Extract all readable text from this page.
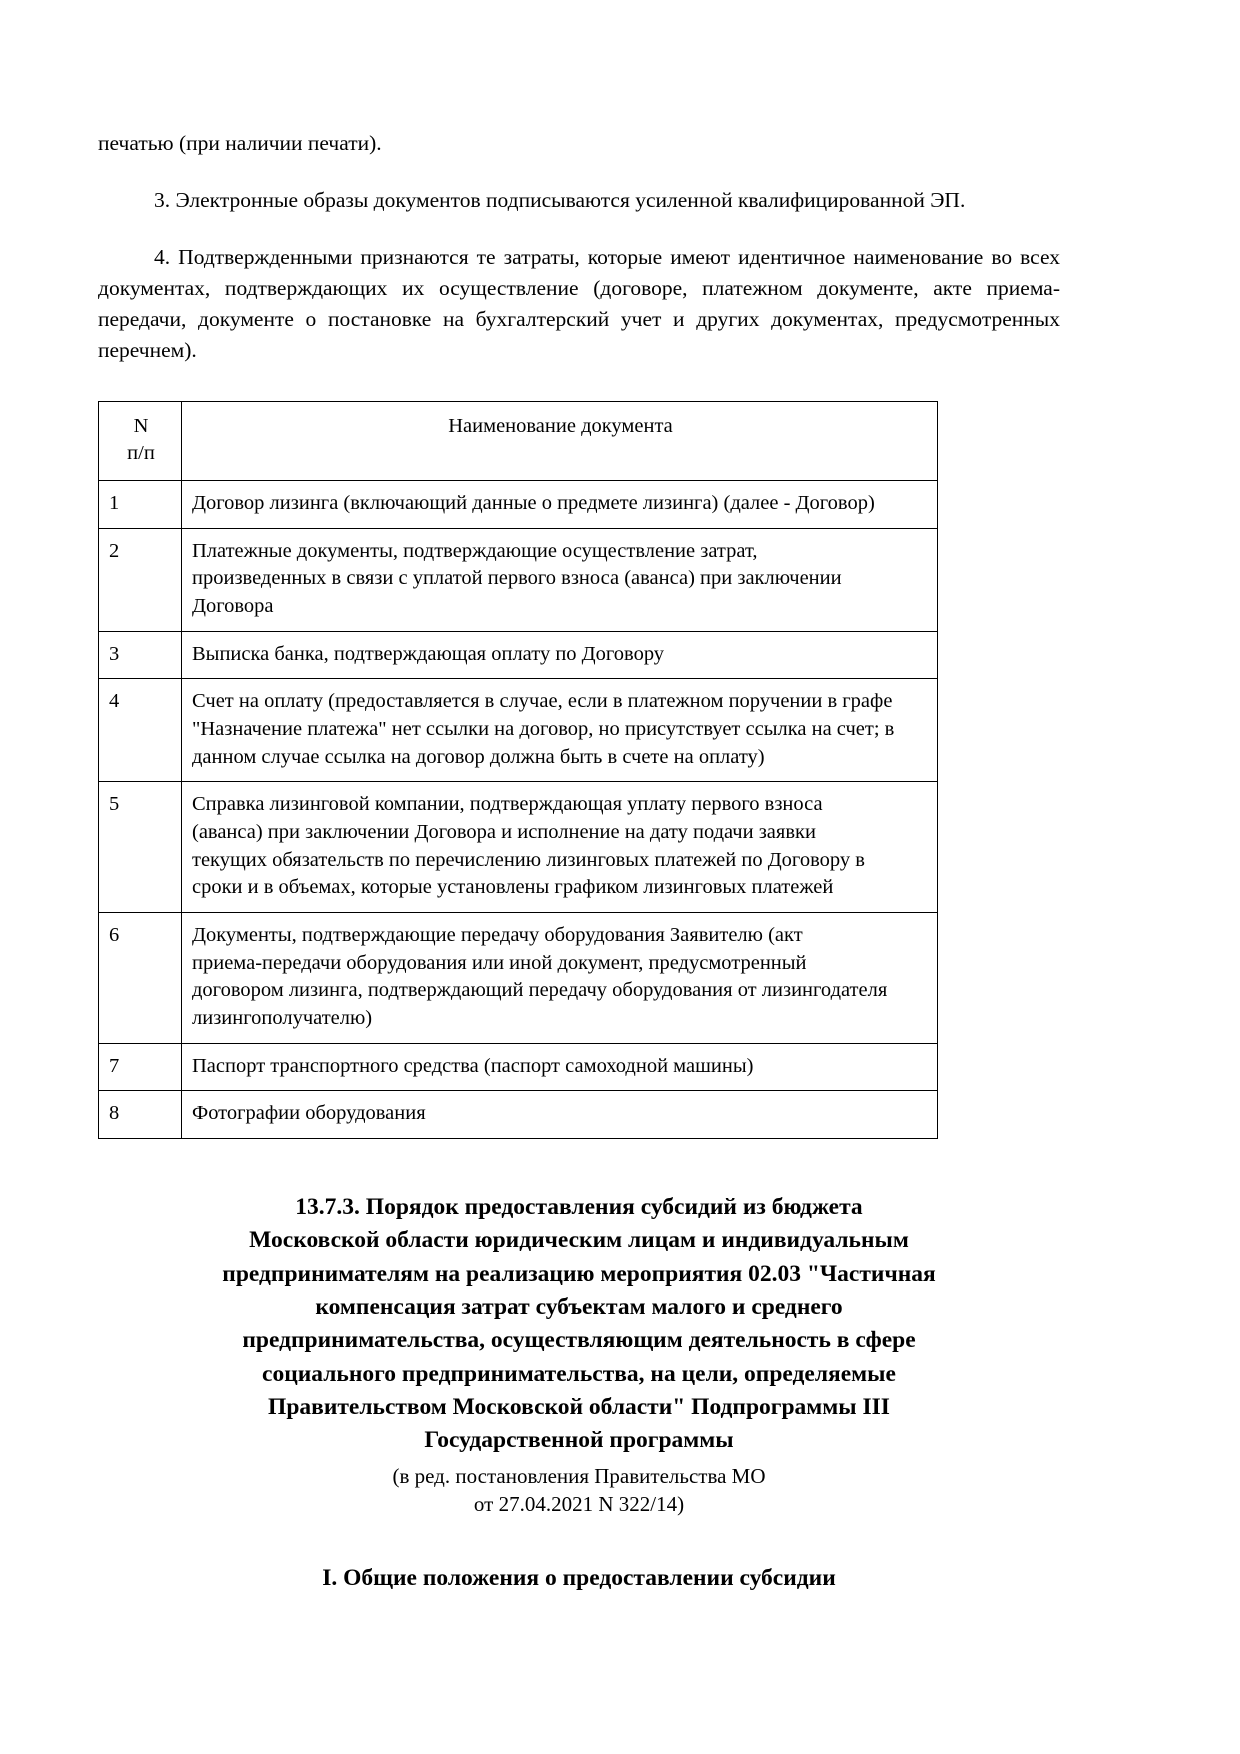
печатью (при наличии печати).

3. Электронные образы документов подписываются усиленной квалифицированной ЭП.

4. Подтвержденными признаются те затраты, которые имеют идентичное наименование во всех документах, подтверждающих их осуществление (договоре, платежном документе, акте приема-передачи, документе о постановке на бухгалтерский учет и других документах, предусмотренных перечнем).

N
п/п	Наименование документа
1	Договор лизинга (включающий данные о предмете лизинга) (далее - Договор)

2	Платежные документы, подтверждающие осуществление затрат,
произведенных в связи с уплатой первого взноса (аванса) при заключении
Договора

3	Выписка банка, подтверждающая оплату по Договору

4	Счет на оплату (предоставляется в случае, если в платежном поручении в графе
"Назначение платежа" нет ссылки на договор, но присутствует ссылка на счет; в
данном случае ссылка на договор должна быть в счете на оплату)

5	Справка лизинговой компании, подтверждающая уплату первого взноса
(аванса) при заключении Договора и исполнение на дату подачи заявки
текущих обязательств по перечислению лизинговых платежей по Договору в
сроки и в объемах, которые установлены графиком лизинговых платежей

6	Документы, подтверждающие передачу оборудования Заявителю (акт
приема-передачи оборудования или иной документ, предусмотренный
договором лизинга, подтверждающий передачу оборудования от лизингодателя
лизингополучателю)

7	Паспорт транспортного средства (паспорт самоходной машины)

8	Фотографии оборудования
13.7.3. Порядок предоставления субсидий из бюджета
Московской области юридическим лицам и индивидуальным
предпринимателям на реализацию мероприятия 02.03 "Частичная
компенсация затрат субъектам малого и среднего
предпринимательства, осуществляющим деятельность в сфере
социального предпринимательства, на цели, определяемые
Правительством Московской области" Подпрограммы III
Государственной программы
(в ред. постановления Правительства МО
от 27.04.2021 N 322/14)
I. Общие положения о предоставлении субсидии
